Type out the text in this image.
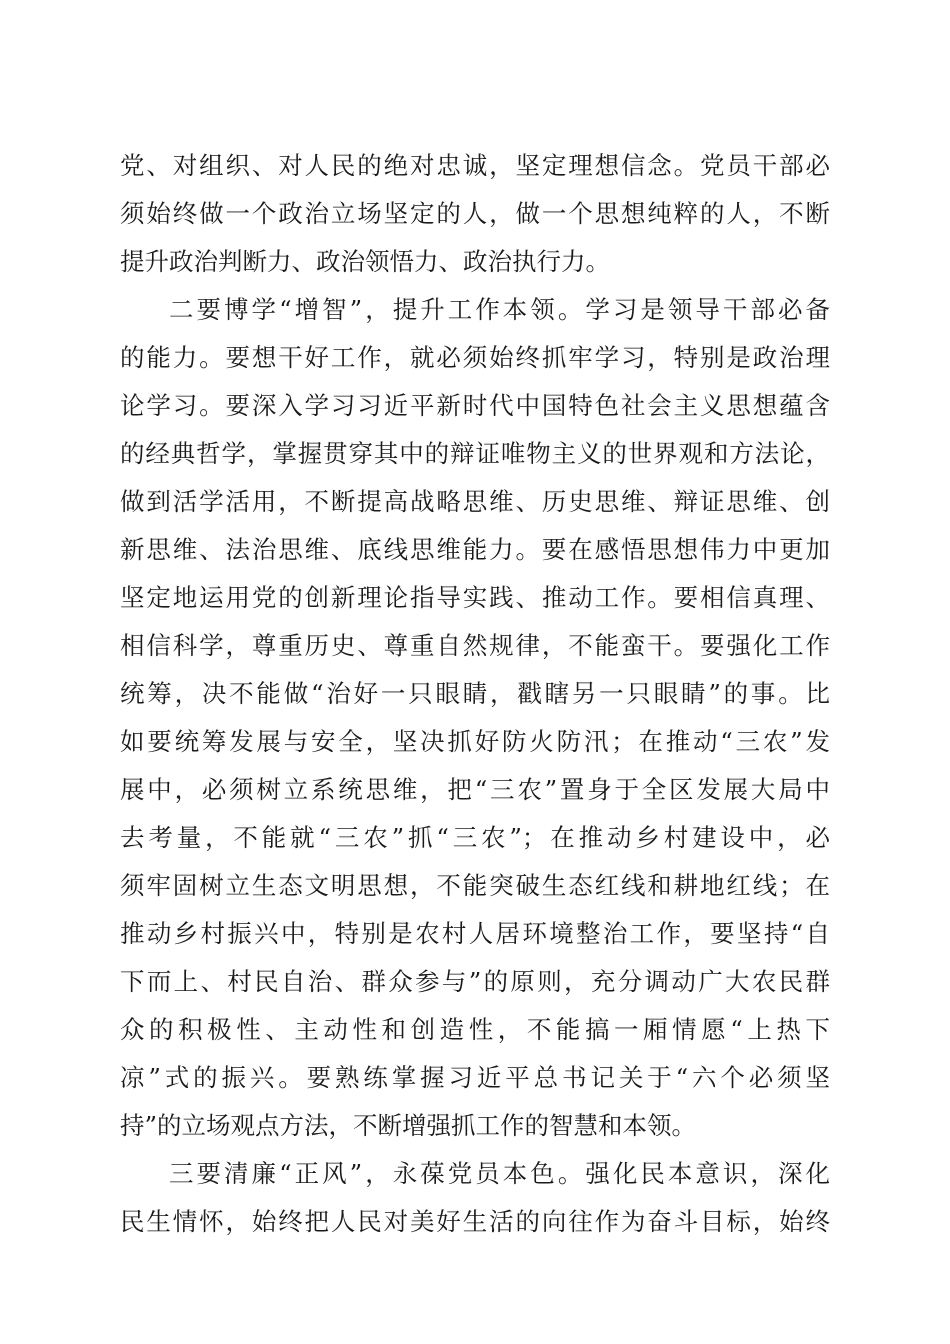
党、对组织、对人民的绝对忠诚，坚定理想信念。党员干部必
须始终做一个政治立场坚定的人，做一个思想纯粹的人，不断
提升政治判断力、政治领悟力、政治执行力。
二要博学“增智”，提升工作本领。学习是领导干部必备
的能力。要想干好工作，就必须始终抓牢学习，特别是政治理
论学习。要深入学习习近平新时代中国特色社会主义思想蕴含
的经典哲学，掌握贯穿其中的辩证唯物主义的世界观和方法论，
做到活学活用，不断提高战略思维、历史思维、辩证思维、创
新思维、法治思维、底线思维能力。要在感悟思想伟力中更加
坚定地运用党的创新理论指导实践、推动工作。要相信真理、
相信科学，尊重历史、尊重自然规律，不能蛮干。要强化工作
统筹，决不能做“治好一只眼睛，戳瞎另一只眼睛”的事。比
如要统筹发展与安全，坚决抓好防火防汛；在推动“三农”发
展中，必须树立系统思维，把“三农”置身于全区发展大局中
去考量，不能就“三农”抓“三农”；在推动乡村建设中，必
须牢固树立生态文明思想，不能突破生态红线和耕地红线；在
推动乡村振兴中，特别是农村人居环境整治工作，要坚持“自
下而上、村民自治、群众参与”的原则，充分调动广大农民群
众的积极性、主动性和创造性，不能搞一厢情愿“上热下
凉”式的振兴。要熟练掌握习近平总书记关于“六个必须坚
持”的立场观点方法，不断增强抓工作的智慧和本领。
三要清廉“正风”，永葆党员本色。强化民本意识，深化
民生情怀，始终把人民对美好生活的向往作为奋斗目标，始终
